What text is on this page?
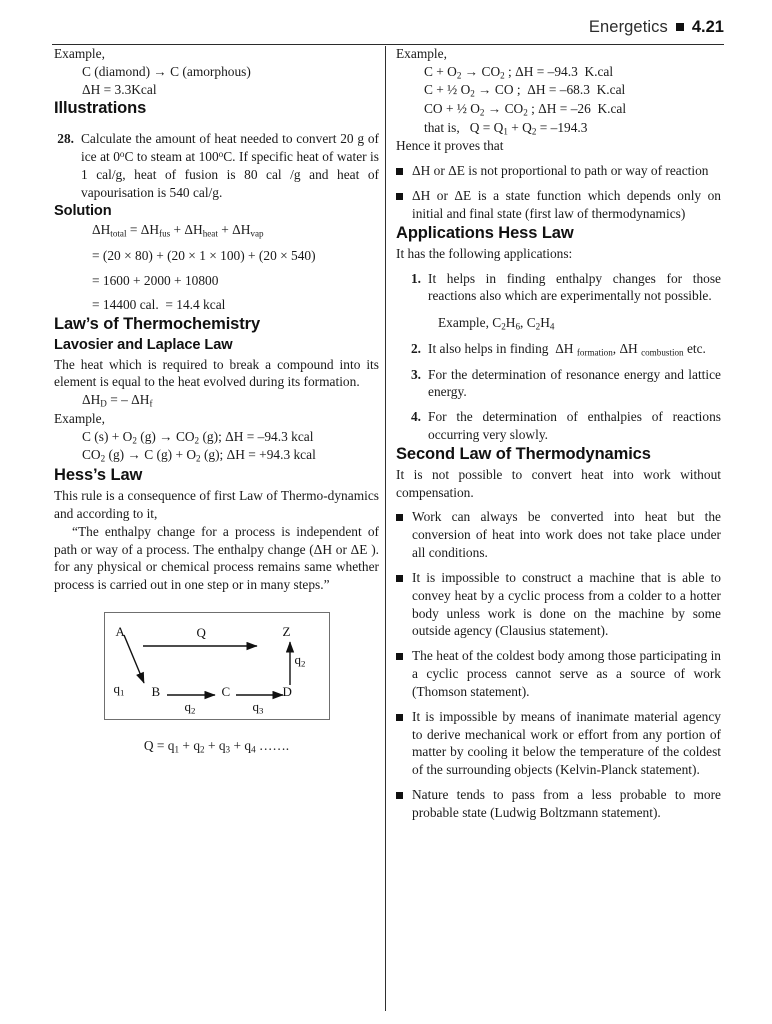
Energetics 4.21

Example,

C (diamond) → C (amorphous)

ΔH = 3.3Kcal

Illustrations
28. Calculate the amount of heat needed to convert 20 g of ice at 0$^o$C to steam at 100$^o$C. If specific heat of water is 1 cal/g, heat of fusion is 80 cal /g and heat of vapourisation is 540 cal/g.
Solution

$\Delta H_{total} = \Delta H_{fus} + \Delta H_{heat} + \Delta H_{vap}$

= (20 × 80) + (20 × 1 × 100) + (20 × 540)

= 1600 + 2000 + 10800

= 14400 cal.  = 14.4 kcal

Law’s of Thermochemistry
Lavosier and Laplace Law

The heat which is required to break a compound into its element is equal to the heat evolved during its formation.

$\Delta H_D$ = – $\Delta H_f$

Example,

C $(s) + O_2$ $(g) \to CO_2$ (g); ΔH = –94.3 kcal

$CO_2$ (g) → C $(g) + O_2$ (g); ΔH = +94.3 kcal

Hess’s Law

This rule is a consequence of first Law of Thermo-dynamics and according to it,

“The enthalpy change for a process is independent of path or way of a process. The enthalpy change (ΔH or ΔE ). for any physical or chemical process remains same whether process is carried out in one step or in many steps.”

A	Z
B	C	D
Q
$q_1$
$q_2$	$q_3$
$q_2$

$Q = q_1 + q_2 + q_3 + q_4$ …….

Example,

$C + O_2 \to CO_2$ ; ΔH = –94.3  K.cal

C + ½ $O_2$ → CO ;  ΔH = –68.3  K.cal

CO + ½ $O_2 \to CO_2$ ; ΔH = –26  K.cal

that is,   $Q = Q_1 + Q_2 = -194.3$

Hence it proves that

ΔH or ΔE is not proportional to path or way of reaction
ΔH or ΔE is a state function which depends only on initial and final state (first law of thermodynamics)
Applications Hess Law

It has the following applications:

1. It helps in finding enthalpy changes for those reactions also which are experimentally not possible.
Example, $C_2H_6$, $C_2H_4$
2. It also helps in finding  ΔH $_{formation}$, ΔH $_{combustion}$ etc.
3. For the determination of resonance energy and lattice energy.
4. For the determination of enthalpies of reactions occurring very slowly.
Second Law of Thermodynamics

It is not possible to convert heat into work without compensation.

Work can always be converted into heat but the conversion of heat into work does not take place under all conditions.
It is impossible to construct a machine that is able to convey heat by a cyclic process from a colder to a hotter body unless work is done on the machine by some outside agency (Clausius statement).
The heat of the coldest body among those participating in a cyclic process cannot serve as a source of work (Thomson statement).
It is impossible by means of inanimate material agency to derive mechanical work or effort from any portion of matter by cooling it below the temperature of the coldest of the surrounding objects (Kelvin-Planck statement).
Nature tends to pass from a less probable to more probable state (Ludwig Boltzmann statement).
